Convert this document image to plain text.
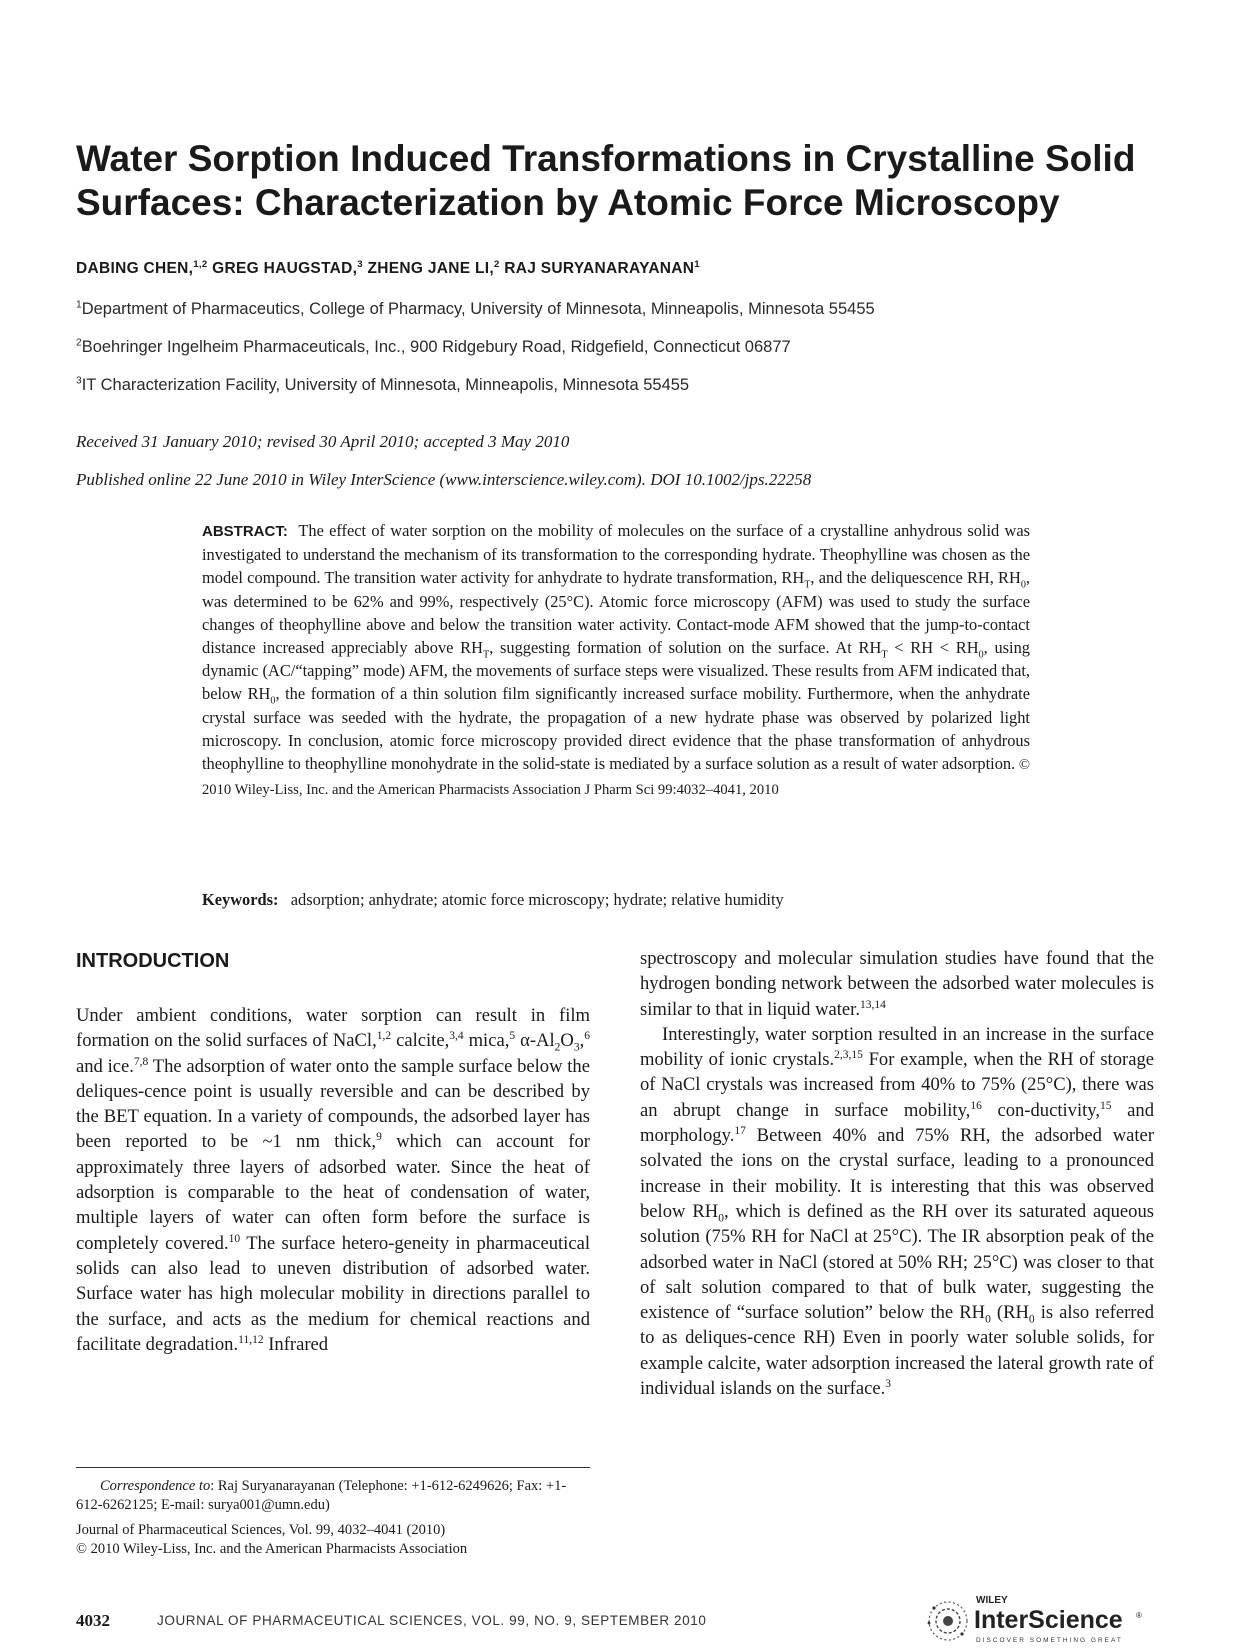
Water Sorption Induced Transformations in Crystalline Solid
Surfaces: Characterization by Atomic Force Microscopy
DABING CHEN,$^{1,2}$ GREG HAUGSTAD,$^3$ ZHENG JANE LI,$^2$ RAJ SURYANARAYANAN$^1$
$^1$Department of Pharmaceutics, College of Pharmacy, University of Minnesota, Minneapolis, Minnesota 55455
$^2$Boehringer Ingelheim Pharmaceuticals, Inc., 900 Ridgebury Road, Ridgefield, Connecticut 06877
$^3$IT Characterization Facility, University of Minnesota, Minneapolis, Minnesota 55455
Received 31 January 2010; revised 30 April 2010; accepted 3 May 2010
Published online 22 June 2010 in Wiley InterScience (www.interscience.wiley.com). DOI 10.1002/jps.22258
ABSTRACT: The effect of water sorption on the mobility of molecules on the surface of a crystalline anhydrous solid was investigated to understand the mechanism of its transformation to the corresponding hydrate. Theophylline was chosen as the model compound. The transition water activity for anhydrate to hydrate transformation, $RH_T$, and the deliquescence RH, $RH_0$, was determined to be 62% and 99%, respectively (25°C). Atomic force microscopy (AFM) was used to study the surface changes of theophylline above and below the transition water activity. Contact-mode AFM showed that the jump-to-contact distance increased appreciably above $RH_T$, suggesting formation of solution on the surface. At $RH_T$ < RH < $RH_0$, using dynamic (AC/“tapping” mode) AFM, the movements of surface steps were visualized. These results from AFM indicated that, below $RH_0$, the formation of a thin solution film significantly increased surface mobility. Furthermore, when the anhydrate crystal surface was seeded with the hydrate, the propagation of a new hydrate phase was observed by polarized light microscopy. In conclusion, atomic force microscopy provided direct evidence that the phase transformation of anhydrous theophylline to theophylline monohydrate in the solid-state is mediated by a surface solution as a result of water adsorption. © 2010 Wiley-Liss, Inc. and the American Pharmacists Association J Pharm Sci 99:4032–4041, 2010
Keywords: adsorption; anhydrate; atomic force microscopy; hydrate; relative humidity
INTRODUCTION

Under ambient conditions, water sorption can result in film formation on the solid surfaces of NaCl,$^{1,2}$ calcite,$^{3,4}$ mica,$^5$ $\alpha-Al_2O_3,^6$ and ice.$^{7,8}$ The adsorption of water onto the sample surface below the deliques-cence point is usually reversible and can be described by the BET equation. In a variety of compounds, the adsorbed layer has been reported to be ~1 nm thick,$^9$ which can account for approximately three layers of adsorbed water. Since the heat of adsorption is comparable to the heat of condensation of water, multiple layers of water can often form before the surface is completely covered.$^{10}$ The surface hetero-geneity in pharmaceutical solids can also lead to uneven distribution of adsorbed water. Surface water has high molecular mobility in directions parallel to the surface, and acts as the medium for chemical reactions and facilitate degradation.$^{11,12}$ Infrared

spectroscopy and molecular simulation studies have found that the hydrogen bonding network between the adsorbed water molecules is similar to that in liquid water.$^{13,14}$

Interestingly, water sorption resulted in an increase in the surface mobility of ionic crystals.$^{2,3,15}$ For example, when the RH of storage of NaCl crystals was increased from 40% to 75% (25°C), there was an abrupt change in surface mobility,$^{16}$ con-ductivity,$^{15}$ and morphology.$^{17}$ Between 40% and 75% RH, the adsorbed water solvated the ions on the crystal surface, leading to a pronounced increase in their mobility. It is interesting that this was observed below $RH_0$, which is defined as the RH over its saturated aqueous solution (75% RH for NaCl at 25°C). The IR absorption peak of the adsorbed water in NaCl (stored at 50% RH; 25°C) was closer to that of salt solution compared to that of bulk water, suggesting the existence of “surface solution” below the $RH_0$ ($RH_0$ is also referred to as deliques-cence RH) Even in poorly water soluble solids, for example calcite, water adsorption increased the lateral growth rate of individual islands on the surface.$^3$

Correspondence to: Raj Suryanarayanan (Telephone: +1-612-6249626; Fax: +1-612-6262125; E-mail: surya001@umn.edu)

Journal of Pharmaceutical Sciences, Vol. 99, 4032–4041 (2010)

© 2010 Wiley-Liss, Inc. and the American Pharmacists Association

4032	JOURNAL OF PHARMACEUTICAL SCIENCES, VOL. 99, NO. 9, SEPTEMBER 2010
WILEY
InterScience ®
DISCOVER SOMETHING GREAT
